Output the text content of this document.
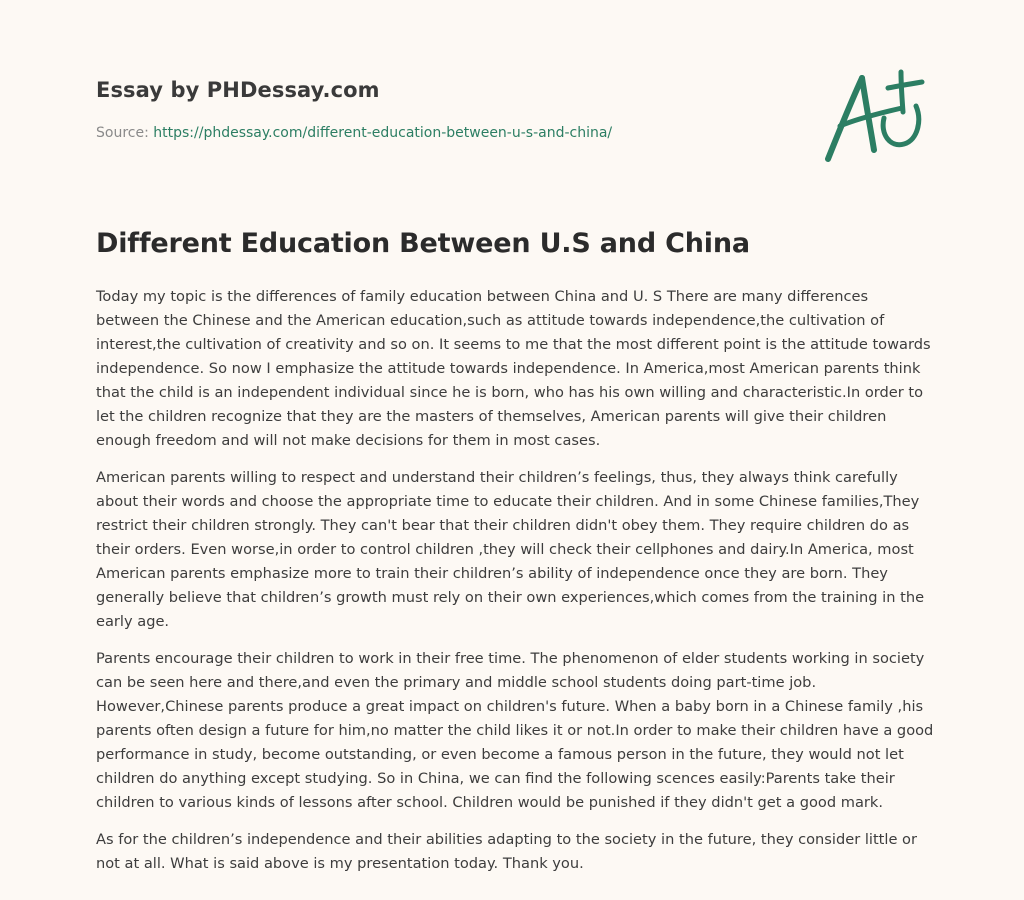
Essay by PHDessay.com
Source: https://phdessay.com/different-education-between-u-s-and-china/
Different Education Between U.S and China

Today my topic is the differences of family education between China and U. S There are many differences between the Chinese and the American education,such as attitude towards independence,the cultivation of interest,the cultivation of creativity and so on. It seems to me that the most different point is the attitude towards independence. So now I emphasize the attitude towards independence. In America,most American parents think that the child is an independent individual since he is born, who has his own willing and characteristic.In order to let the children recognize that they are the masters of themselves, American parents will give their children enough freedom and will not make decisions for them in most cases.

American parents willing to respect and understand their children’s feelings, thus, they always think carefully about their words and choose the appropriate time to educate their children. And in some Chinese families,They restrict their children strongly. They can't bear that their children didn't obey them. They require children do as their orders. Even worse,in order to control children ,they will check their cellphones and dairy.In America, most American parents emphasize more to train their children’s ability of independence once they are born. They generally believe that children’s growth must rely on their own experiences,which comes from the training in the early age.

Parents encourage their children to work in their free time. The phenomenon of elder students working in society can be seen here and there,and even the primary and middle school students doing part-time job. However,Chinese parents produce a great impact on children's future. When a baby born in a Chinese family ,his parents often design a future for him,no matter the child likes it or not.In order to make their children have a good performance in study, become outstanding, or even become a famous person in the future, they would not let children do anything except studying. So in China, we can find the following scences easily:Parents take their children to various kinds of lessons after school. Children would be punished if they didn't get a good mark.

As for the children’s independence and their abilities adapting to the society in the future, they consider little or not at all. What is said above is my presentation today. Thank you.
